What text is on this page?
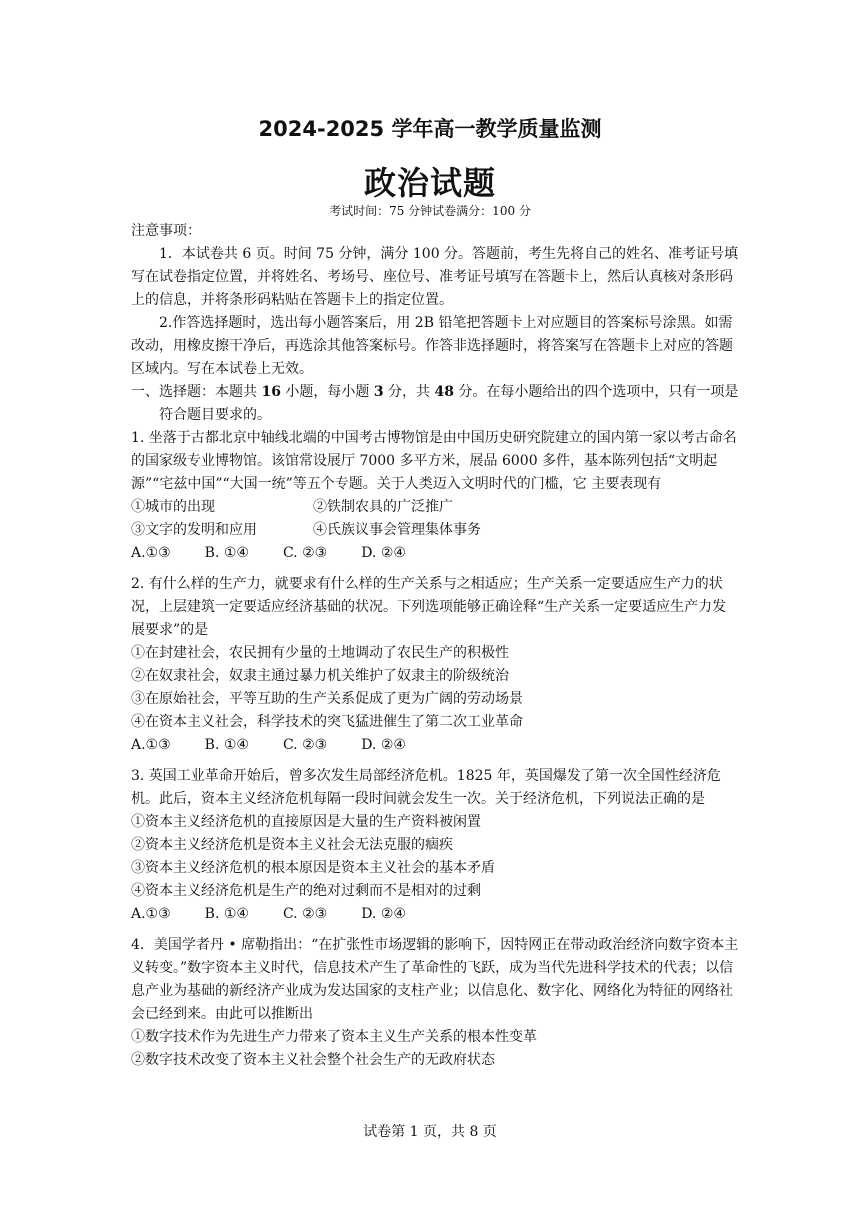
2024-2025 学年高一教学质量监测
政治试题
考试时间：75 分钟试卷满分：100 分

注意事项：

1．本试卷共 6 页。时间 75 分钟，满分 100 分。答题前，考生先将自己的姓名、准考证号填写在试卷指定位置，并将姓名、考场号、座位号、准考证号填写在答题卡上，然后认真核对条形码上的信息，并将条形码粘贴在答题卡上的指定位置。

2.作答选择题时，选出每小题答案后，用 2B 铅笔把答题卡上对应题目的答案标号涂黑。如需改动，用橡皮擦干净后，再选涂其他答案标号。作答非选择题时，将答案写在答题卡上对应的答题区域内。写在本试卷上无效。

一、选择题：本题共 16 小题，每小题 3 分，共 48 分。在每小题给出的四个选项中，只有一项是符合题目要求的。

1. 坐落于古都北京中轴线北端的中国考古博物馆是由中国历史研究院建立的国内第一家以考古命名的国家级专业博物馆。该馆常设展厅 7000 多平方米，展品 6000 多件，基本陈列包括“文明起源”“宅兹中国”“大国一统”等五个专题。关于人类迈入文明时代的门槛，它 主要表现有

①城市的出现	②铁制农具的广泛推广
③文字的发明和应用	④氏族议事会管理集体事务
A.①③ B. ①④ C. ②③ D. ②④

2. 有什么样的生产力，就要求有什么样的生产关系与之相适应；生产关系一定要适应生产力的状况，上层建筑一定要适应经济基础的状况。下列选项能够正确诠释“生产关系一定要适应生产力发展要求”的是

①在封建社会，农民拥有少量的土地调动了农民生产的积极性

②在奴隶社会，奴隶主通过暴力机关维护了奴隶主的阶级统治

③在原始社会，平等互助的生产关系促成了更为广阔的劳动场景

④在资本主义社会，科学技术的突飞猛进催生了第二次工业革命

A.①③ B. ①④ C. ②③ D. ②④

3. 英国工业革命开始后，曾多次发生局部经济危机。1825 年，英国爆发了第一次全国性经济危机。此后，资本主义经济危机每隔一段时间就会发生一次。关于经济危机，下列说法正确的是

①资本主义经济危机的直接原因是大量的生产资料被闲置

②资本主义经济危机是资本主义社会无法克服的痼疾

③资本主义经济危机的根本原因是资本主义社会的基本矛盾

④资本主义经济危机是生产的绝对过剩而不是相对的过剩

A.①③ B. ①④ C. ②③ D. ②④

4．美国学者丹 • 席勒指出：“在扩张性市场逻辑的影响下，因特网正在带动政治经济向数字资本主义转变。”数字资本主义时代，信息技术产生了革命性的飞跃，成为当代先进科学技术的代表；以信息产业为基础的新经济产业成为发达国家的支柱产业；以信息化、数字化、网络化为特征的网络社会已经到来。由此可以推断出

①数字技术作为先进生产力带来了资本主义生产关系的根本性变革

②数字技术改变了资本主义社会整个社会生产的无政府状态

试卷第 1 页，共 8 页
